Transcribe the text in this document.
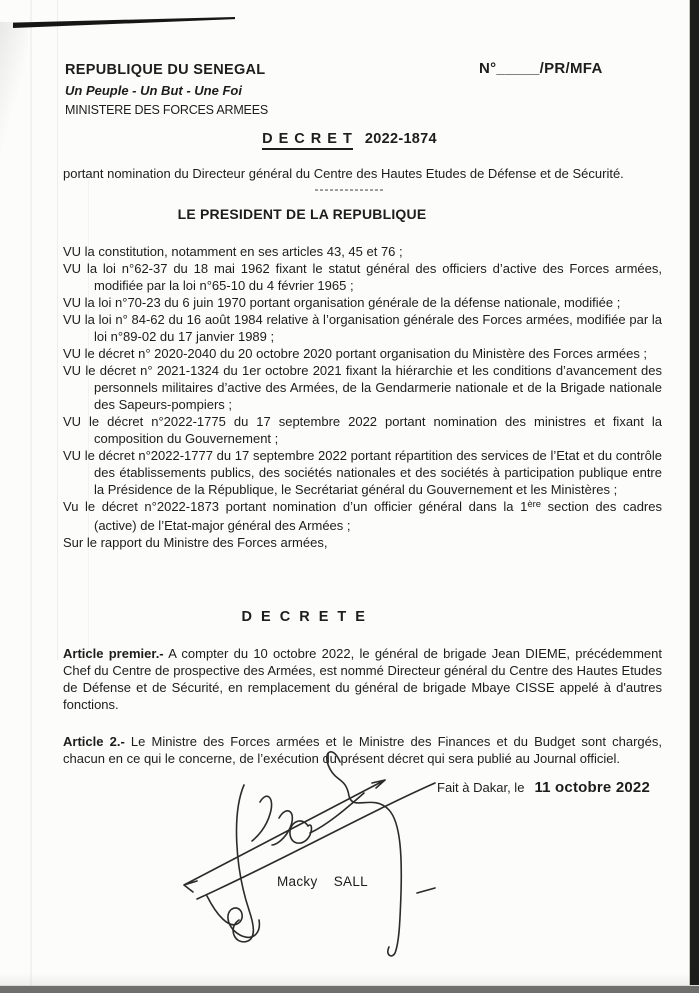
REPUBLIQUE DU SENEGAL
Un Peuple - Un But - Une Foi
MINISTERE DES FORCES ARMEES
N°_____/PR/MFA
D E C R E T 2022-1874
portant nomination du Directeur général du Centre des Hautes Etudes de Défense et de Sécurité.
--------------
LE PRESIDENT DE LA REPUBLIQUE

VU la constitution, notamment en ses articles 43, 45 et 76 ;

VU la loi n°62-37 du 18 mai 1962 fixant le statut général des officiers d’active des Forces armées, modifiée par la loi n°65-10 du 4 février 1965 ;

VU la loi n°70-23 du 6 juin 1970 portant organisation générale de la défense nationale, modifiée ;

VU la loi n° 84-62 du 16 août 1984 relative à l’organisation générale des Forces armées, modifiée par la loi n°89-02 du 17 janvier 1989 ;

VU le décret n° 2020-2040 du 20 octobre 2020 portant organisation du Ministère des Forces armées ;

VU le décret n° 2021-1324 du 1er octobre 2021 fixant la hiérarchie et les conditions d’avancement des personnels militaires d’active des Armées, de la Gendarmerie nationale et de la Brigade nationale des Sapeurs-pompiers ;

VU le décret n°2022-1775 du 17 septembre 2022 portant nomination des ministres et fixant la composition du Gouvernement ;

VU le décret n°2022-1777 du 17 septembre 2022 portant répartition des services de l’Etat et du contrôle des établissements publics, des sociétés nationales et des sociétés à participation publique entre la Présidence de la République, le Secrétariat général du Gouvernement et les Ministères ;

Vu le décret n°2022-1873 portant nomination d’un officier général dans la 1ère section des cadres (active) de l’Etat-major général des Armées ;

Sur le rapport du Ministre des Forces armées,

D E C R E T E

Article premier.- A compter du 10 octobre 2022, le général de brigade Jean DIEME, précédemment Chef du Centre de prospective des Armées, est nommé Directeur général du Centre des Hautes Etudes de Défense et de Sécurité, en remplacement du général de brigade Mbaye CISSE appelé à d'autres fonctions.

Article 2.- Le Ministre des Forces armées et le Ministre des Finances et du Budget sont chargés, chacun en ce qui le concerne, de l’exécution du présent décret qui sera publié au Journal officiel.

Fait à Dakar, le 11 octobre 2022
Macky    SALL
